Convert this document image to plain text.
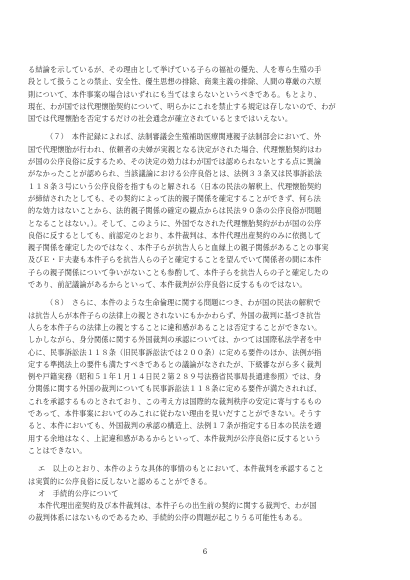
る結論を示しているが、その理由として挙げている子らの福祉の優先、人を専ら生殖の手
段として扱うことの禁止、安全性、優生思想の排除、商業主義の排除、人間の尊厳の六原
則について、本件事案の場合はいずれにも当てはまらないというべきである。もとより、
現在、わが国では代理懐胎契約について、明らかにこれを禁止する規定は存しないので、わが
国では代理懐胎を否定するだけの社会通念が確立されているとまではいえない。
（７）　本件記録によれば、法制審議会生殖補助医療関連親子法制部会において、外
国で代理懐胎が行われ、依頼者の夫婦が実親となる決定がされた場合、代理懐胎契約はわ
が国の公序良俗に反するため、その決定の効力はわが国では認められないとする点に異論
がなかったことが認められ、当該議論における公序良俗とは、法例３３条又は民事訴訟法
１１８条３号にいう公序良俗を指すものと解される（日本の民法の解釈上、代理懐胎契約
が締結されたとしても、その契約によって法的親子関係を確定することができず、何ら法
的な効力はないことから、法的親子関係の確定の観点からは民法９０条の公序良俗が問題
となることはない。）。そして、このように、外国でなされた代理懐胎契約がわが国の公序
良俗に反するとしても、前認定のとおり、本件裁判は、本件代理出産契約のみに依拠して
親子関係を確定したのではなく、本件子らが抗告人らと血縁上の親子関係があることの事実
及びＥ・Ｆ夫妻も本件子らを抗告人らの子と確定することを望んでいて関係者の間に本件
子らの親子関係について争いがないことも参酌して、本件子らを抗告人らの子と確定したの
であり、前記議論があるからといって、本件裁判が公序良俗に反するものではない。
（８）　さらに、本件のような生命倫理に関する問題につき、わが国の民法の解釈で
は抗告人らが本件子らの法律上の親とされないにもかかわらず、外国の裁判に基づき抗告
人らを本件子らの法律上の親とすることに違和感があることは否定することができない。
しかしながら、身分関係に関する外国裁判の承認については、かつては国際私法学者を中
心に、民事訴訟法１１８条（旧民事訴訟法では２００条）に定める要件のほか、法例が指
定する準拠法上の要件も満たすべきであるとの議論がなされたが、下級審ながら多く裁判
例や戸籍実務（昭和５１年１月１４日民２第２８９号法務省民事局長通達参照）では、身
分関係に関する外国の裁判についても民事訴訟法１１８条に定める要件が満たされれば、
これを承認するものとされており、この考え方は国際的な裁判秩序の安定に寄与するもの
であって、本件事案においてのみこれに従わない理由を見いだすことができない。そうす
ると、本件においても、外国裁判の承認の構造上、法例１７条が指定する日本の民法を適
用する余地はなく、上記違和感があるからといって、本件裁判が公序良俗に反するという
ことはできない。
エ　以上のとおり、本件のような具体的事情のもとにおいて、本件裁判を承認すること
は実質的に公序良俗に反しないと認めることができる。
オ　手続的公序について
本件代理出産契約及び本件裁判は、本件子らの出生前の契約に関する裁判で、わが国
の裁判体系にはないものであるため、手続的公序の問題が起こりうる可能性もある。
6
